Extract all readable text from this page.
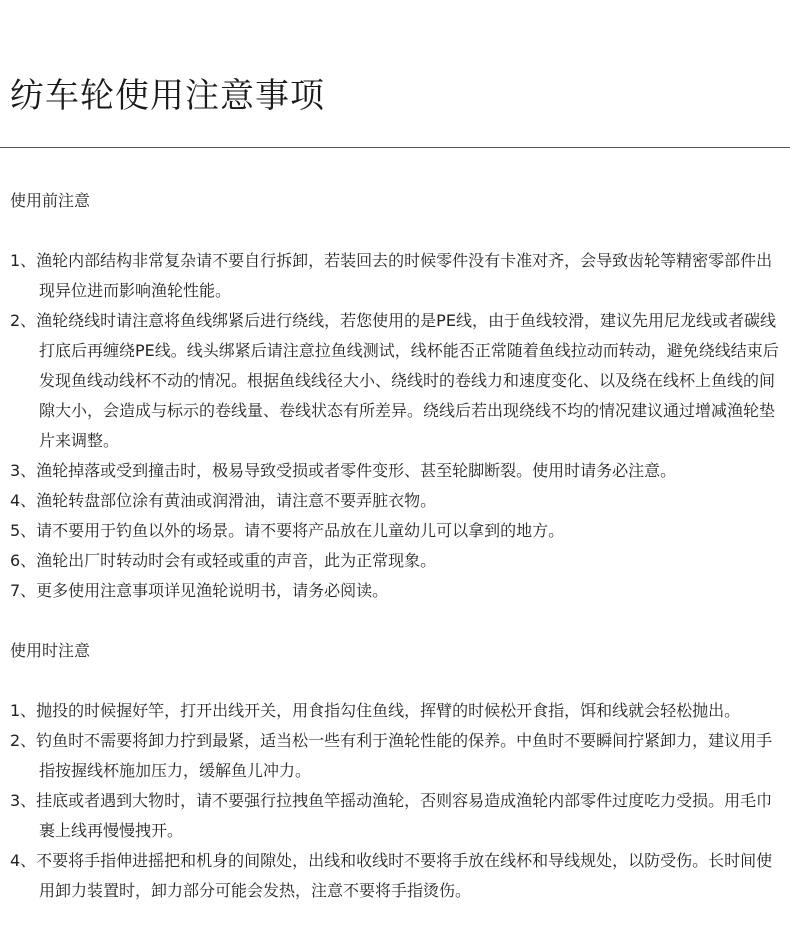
纺车轮使用注意事项

使用前注意

1、渔轮内部结构非常复杂请不要自行拆卸，若装回去的时候零件没有卡准对齐，会导致齿轮等精密零部件出现异位进而影响渔轮性能。
2、渔轮绕线时请注意将鱼线绑紧后进行绕线，若您使用的是PE线，由于鱼线较滑，建议先用尼龙线或者碳线打底后再缠绕PE线。线头绑紧后请注意拉鱼线测试，线杯能否正常随着鱼线拉动而转动，避免绕线结束后发现鱼线动线杯不动的情况。根据鱼线线径大小、绕线时的卷线力和速度变化、以及绕在线杯上鱼线的间隙大小，会造成与标示的卷线量、卷线状态有所差异。绕线后若出现绕线不均的情况建议通过增减渔轮垫片来调整。
3、渔轮掉落或受到撞击时，极易导致受损或者零件变形、甚至轮脚断裂。使用时请务必注意。
4、渔轮转盘部位涂有黄油或润滑油，请注意不要弄脏衣物。
5、请不要用于钓鱼以外的场景。请不要将产品放在儿童幼儿可以拿到的地方。
6、渔轮出厂时转动时会有或轻或重的声音，此为正常现象。
7、更多使用注意事项详见渔轮说明书，请务必阅读。

使用时注意

1、抛投的时候握好竿，打开出线开关，用食指勾住鱼线，挥臂的时候松开食指，饵和线就会轻松抛出。
2、钓鱼时不需要将卸力拧到最紧，适当松一些有利于渔轮性能的保养。中鱼时不要瞬间拧紧卸力，建议用手指按握线杯施加压力，缓解鱼儿冲力。
3、挂底或者遇到大物时，请不要强行拉拽鱼竿摇动渔轮，否则容易造成渔轮内部零件过度吃力受损。用毛巾裹上线再慢慢拽开。
4、不要将手指伸进摇把和机身的间隙处，出线和收线时不要将手放在线杯和导线规处，以防受伤。长时间使用卸力装置时，卸力部分可能会发热，注意不要将手指烫伤。
